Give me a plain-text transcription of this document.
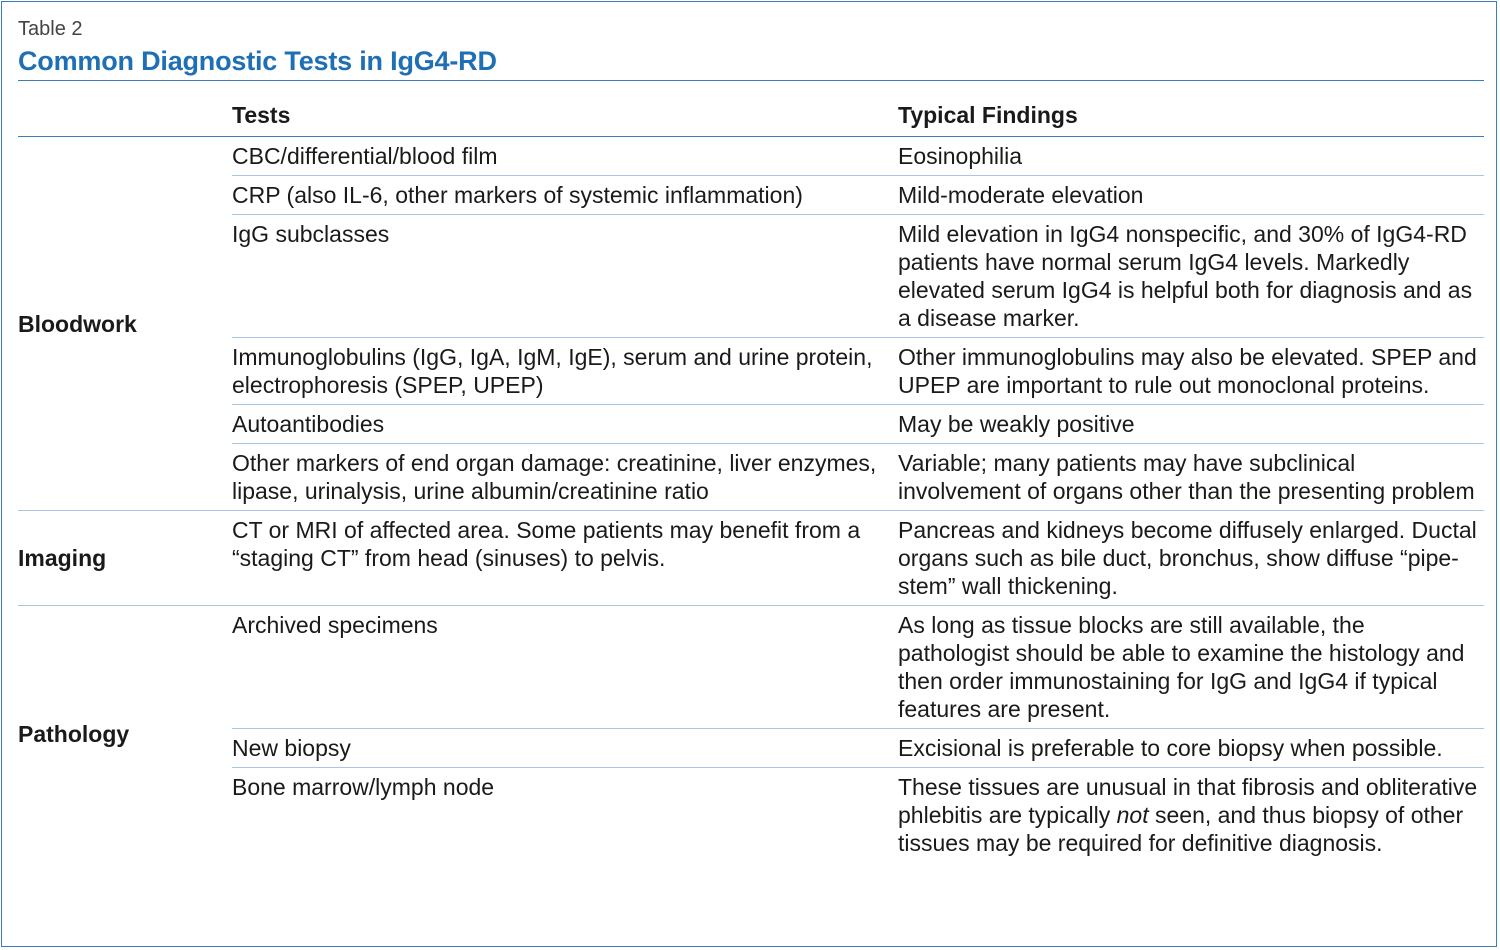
Table 2
Common Diagnostic Tests in IgG4-RD
	Tests	Typical Findings
Bloodwork	CBC/differential/blood film	Eosinophilia
	CRP (also IL-6, other markers of systemic inflammation)	Mild-moderate elevation
	IgG subclasses	Mild elevation in IgG4 nonspecific, and 30% of IgG4-RD patients have normal serum IgG4 levels. Markedly elevated serum IgG4 is helpful both for diagnosis and as a disease marker.
	Immunoglobulins (IgG, IgA, IgM, IgE), serum and urine protein, electrophoresis (SPEP, UPEP)	Other immunoglobulins may also be elevated. SPEP and UPEP are important to rule out monoclonal proteins.
	Autoantibodies	May be weakly positive
	Other markers of end organ damage: creatinine, liver enzymes, lipase, urinalysis, urine albumin/creatinine ratio	Variable; many patients may have subclinical involvement of organs other than the presenting problem
Imaging	CT or MRI of affected area. Some patients may benefit from a “staging CT” from head (sinuses) to pelvis.	Pancreas and kidneys become diffusely enlarged. Ductal organs such as bile duct, bronchus, show diffuse “pipe-stem” wall thickening.
Pathology	Archived specimens	As long as tissue blocks are still available, the pathologist should be able to examine the histology and then order immunostaining for IgG and IgG4 if typical features are present.
	New biopsy	Excisional is preferable to core biopsy when possible.
	Bone marrow/lymph node	These tissues are unusual in that fibrosis and obliterative phlebitis are typically not seen, and thus biopsy of other tissues may be required for definitive diagnosis.
